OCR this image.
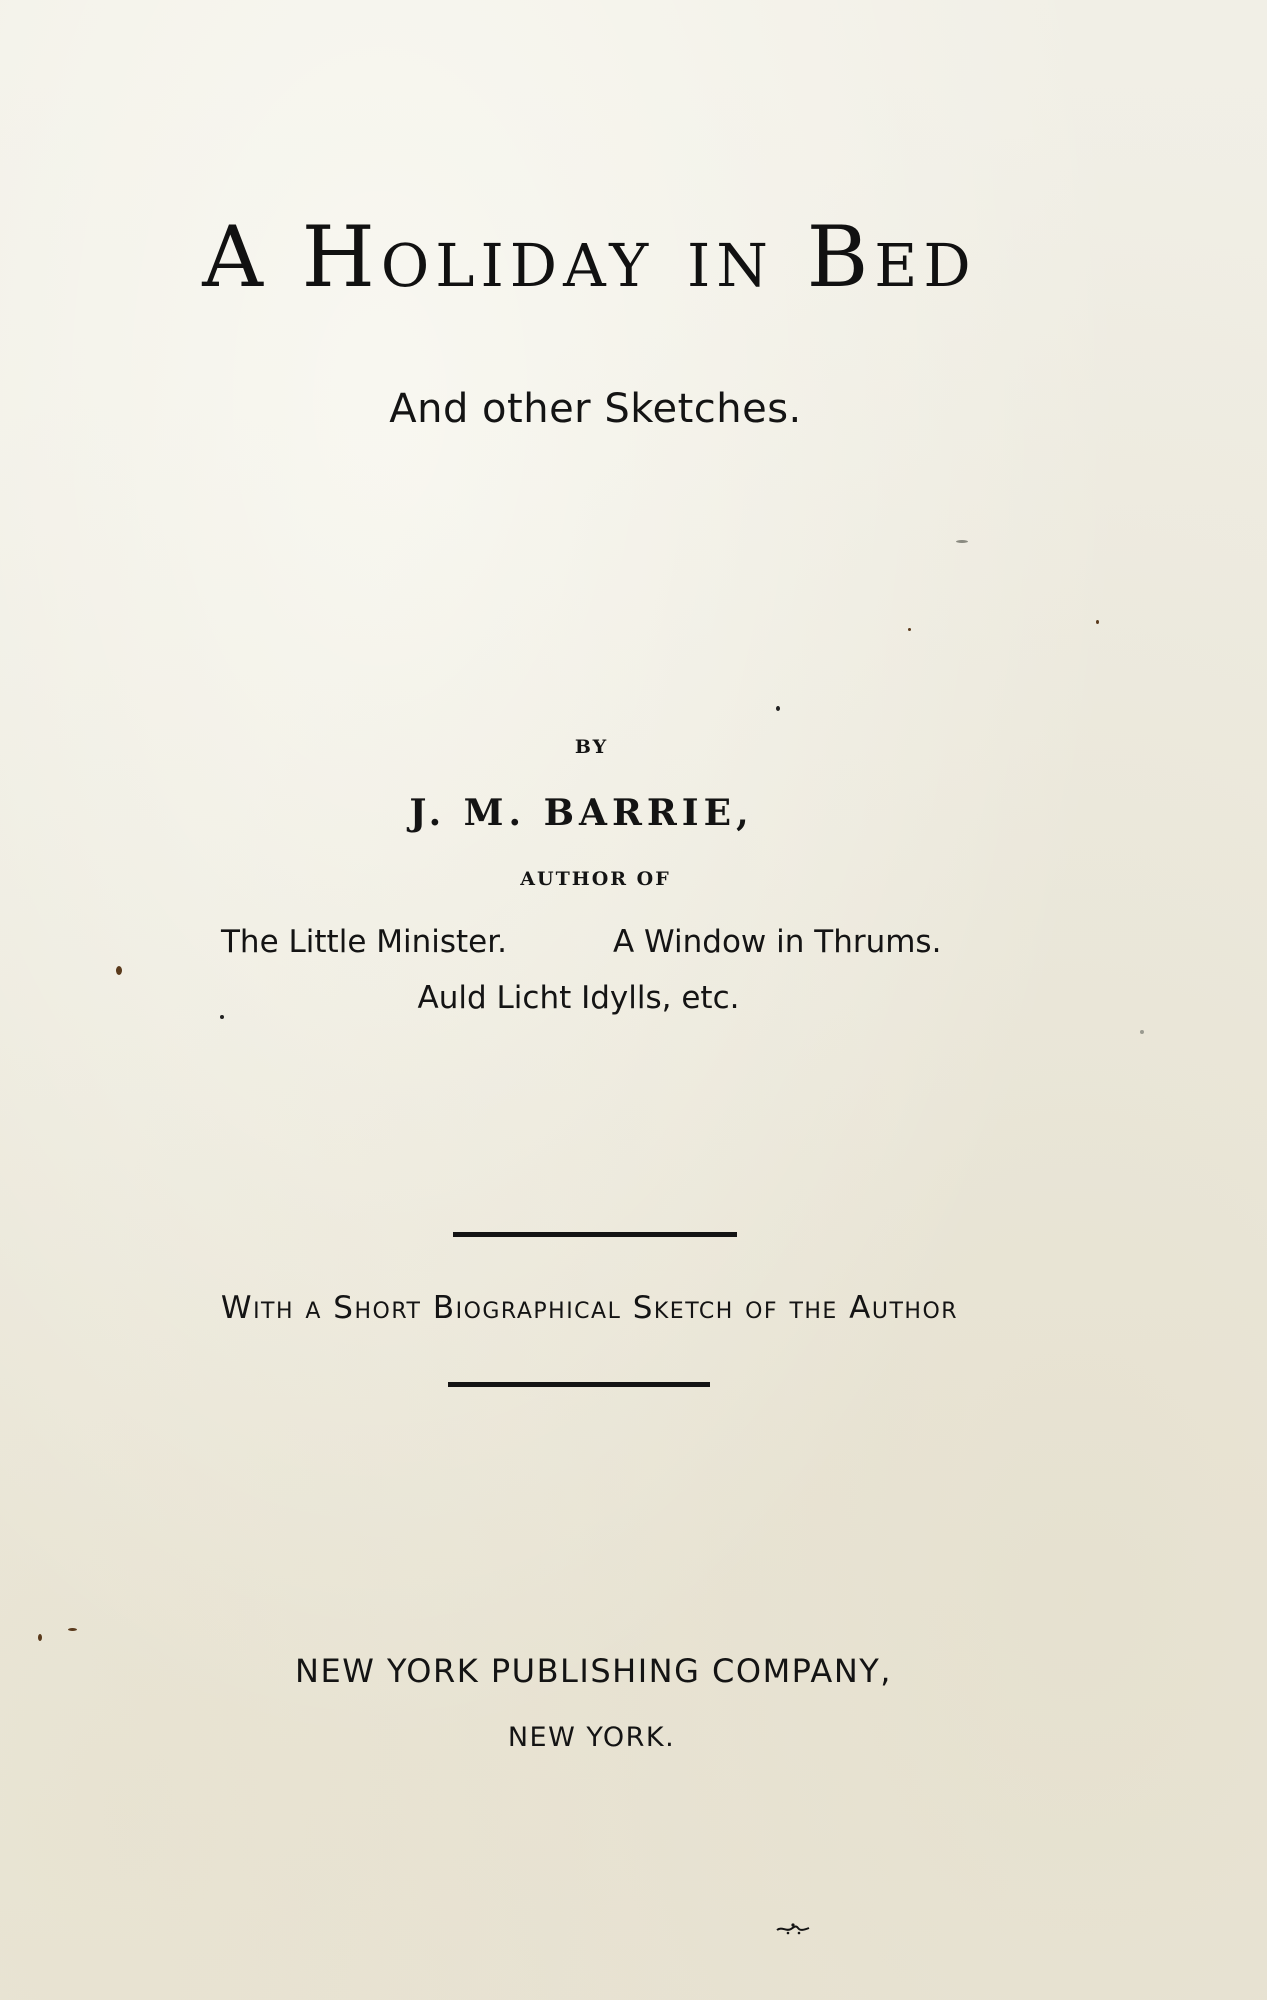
A Holiday in Bed
And other Sketches.
BY
J. M. BARRIE,
AUTHOR OF
The Little Minister.	A Window in Thrums.
Auld Licht Idylls, etc.
With a Short Biographical Sketch of the Author
NEW YORK PUBLISHING COMPANY,
NEW YORK.
